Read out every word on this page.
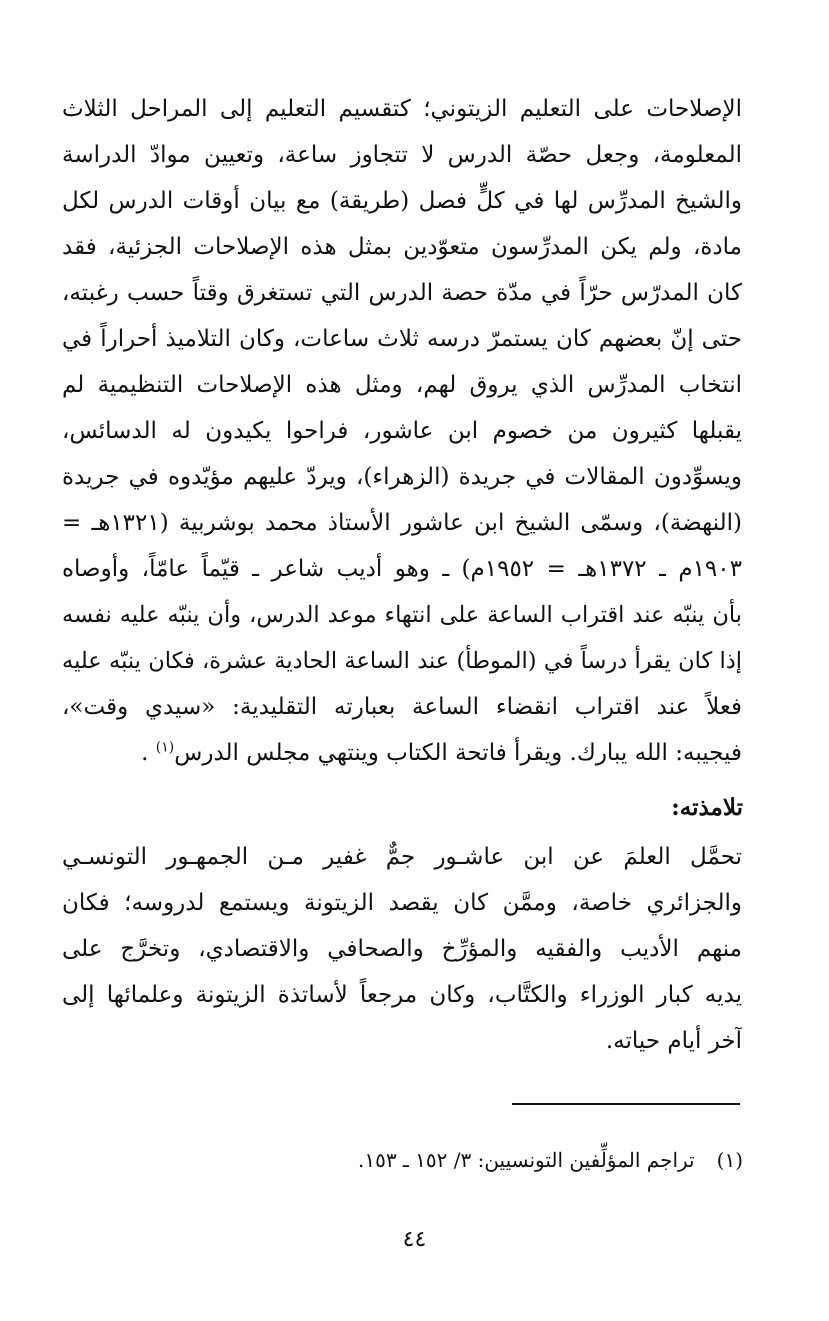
الإصلاحات على التعليم الزيتوني؛ كتقسيم التعليم إلى المراحل الثلاث
المعلومة، وجعل حصّة الدرس لا تتجاوز ساعة، وتعيين موادّ الدراسة
والشيخ المدرِّس لها في كلٍّ فصل (طريقة) مع بيان أوقات الدرس لكل
مادة، ولم يكن المدرِّسون متعوّدين بمثل هذه الإصلاحات الجزئية، فقد
كان المدرّس حرّاً في مدّة حصة الدرس التي تستغرق وقتاً حسب رغبته،
حتى إنّ بعضهم كان يستمرّ درسه ثلاث ساعات، وكان التلاميذ أحراراً في
انتخاب المدرِّس الذي يروق لهم، ومثل هذه الإصلاحات التنظيمية لم
يقبلها كثيرون من خصوم ابن عاشور، فراحوا يكيدون له الدسائس،
ويسوِّدون المقالات في جريدة (الزهراء)، ويردّ عليهم مؤيّدوه في جريدة
(النهضة)، وسمّى الشيخ ابن عاشور الأستاذ محمد بوشربية (١٣٢١هـ =
١٩٠٣م ـ ١٣٧٢هـ = ١٩٥٢م) ـ وهو أديب شاعر ـ قيّماً عامّاً، وأوصاه
بأن ينبّه عند اقتراب الساعة على انتهاء موعد الدرس، وأن ينبّه عليه نفسه
إذا كان يقرأ درساً في (الموطأ) عند الساعة الحادية عشرة، فكان ينبّه عليه
فعلاً عند اقتراب انقضاء الساعة بعبارته التقليدية: «سيدي وقت»،
فيجيبه: الله يبارك. ويقرأ فاتحة الكتاب وينتهي مجلس الدرس$^{(١)}$ .
تلامذته:
تحمَّل العلمَ عن ابن عاشـور جمٌّ غفير مـن الجمهـور التونسـي
والجزائري خاصة، وممَّن كان يقصد الزيتونة ويستمع لدروسه؛ فكان
منهم الأديب والفقيه والمؤرِّخ والصحافي والاقتصادي، وتخرَّج على
يديه كبار الوزراء والكتَّاب، وكان مرجعاً لأساتذة الزيتونة وعلمائها إلى
آخر أيام حياته.
(١)تراجم المؤلِّفين التونسيين: ٣/ ١٥٢ ـ ١٥٣.
٤٤
